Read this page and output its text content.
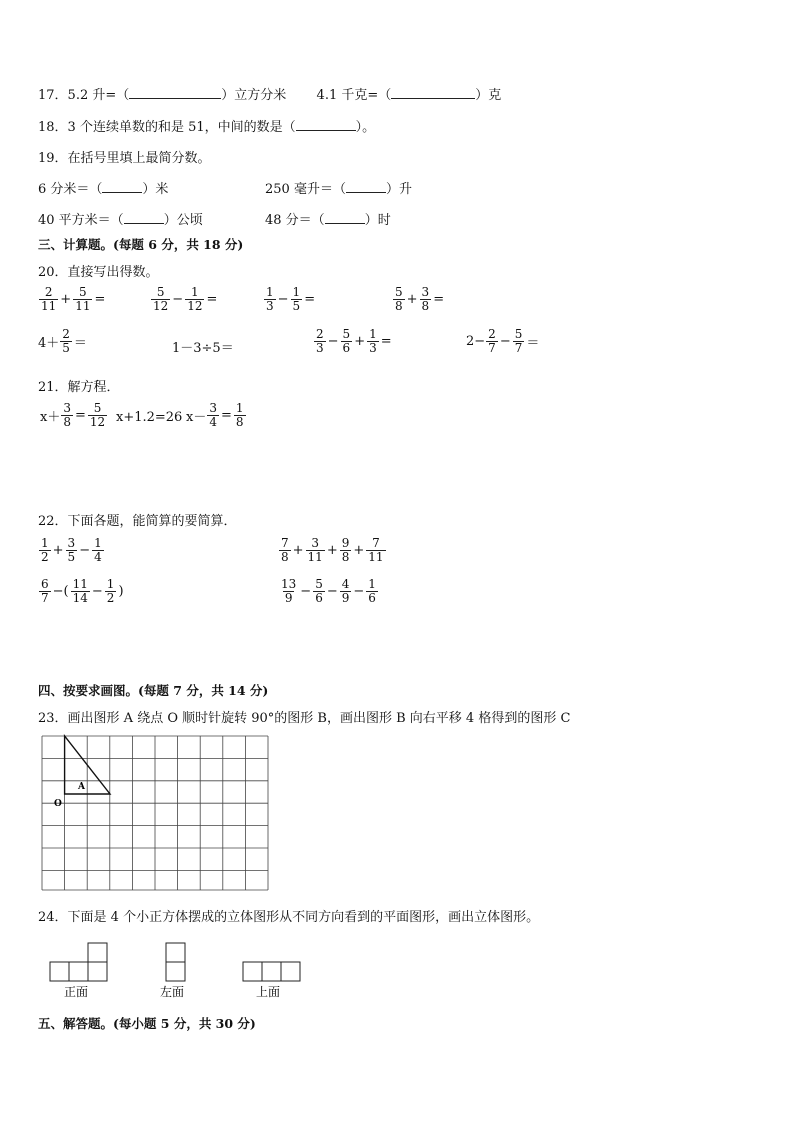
17．5.2 升=（	）立方分米 4.1 千克=（	）克
18．3 个连续单数的和是 51，中间的数是（	）。
19．在括号里填上最简分数。
6 分米＝（	）米	250 毫升＝（	）升
40 平方米＝（	）公顷	48 分＝（	）时
三、计算题。(每题 6 分，共 18 分)
20．直接写出得数。
$\frac{2}{11} + \frac{5}{11}$ =	$\frac{5}{12} - \frac{1}{12}$ =	$\frac{1}{3} - \frac{1}{5}$ =	$\frac{5}{8} + \frac{3}{8}$ =
$4+ \frac{2}{5}$ ＝	1－3÷5＝	$\frac{2}{3} - \frac{5}{6} + \frac{1}{3}$ =	$2- \frac{2}{7} - \frac{5}{7}$ ＝
21．解方程．
$x+ \frac{3}{8} = \frac{5}{12} x+1.2=26$ $x- \frac{3}{4} = \frac{1}{8}$
22．下面各题，能简算的要简算．
$\frac{1}{2} + \frac{3}{5} - \frac{1}{4}$	$\frac{7}{8} + \frac{3}{11} + \frac{9}{8} + \frac{7}{11}$
$\frac{6}{7}$ −( $\frac{11}{14} - \frac{1}{2}$ )	$\frac{13}{9} - \frac{5}{6} - \frac{4}{9} - \frac{1}{6}$
四、按要求画图。(每题 7 分，共 14 分)
23．画出图形 A 绕点 O 顺时针旋转 90°的图形 B，画出图形 B 向右平移 4 格得到的图形 C
A
O
24．下面是 4 个小正方体摆成的立体图形从不同方向看到的平面图形，画出立体图形。
正面	左面	上面
五、解答题。(每小题 5 分，共 30 分)
